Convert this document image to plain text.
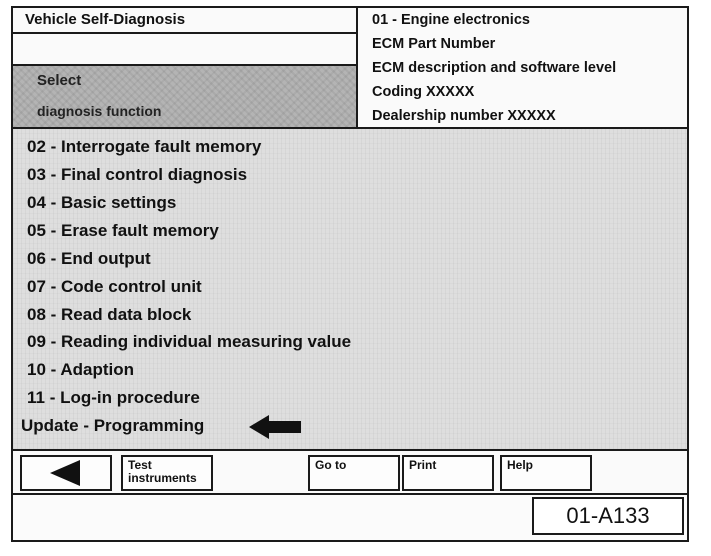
Vehicle Self-Diagnosis
Select
diagnosis function
01 - Engine electronics
ECM Part Number
ECM description and software level
Coding XXXXX
Dealership number XXXXX
02 - Interrogate fault memory
03 - Final control diagnosis
04 - Basic settings
05 - Erase fault memory
06 - End output
07 - Code control unit
08 - Read data block
09 - Reading individual measuring value
10 - Adaption
11 - Log-in procedure
Update - Programming
Test
instruments
Go to	Print	Help
01-A133
